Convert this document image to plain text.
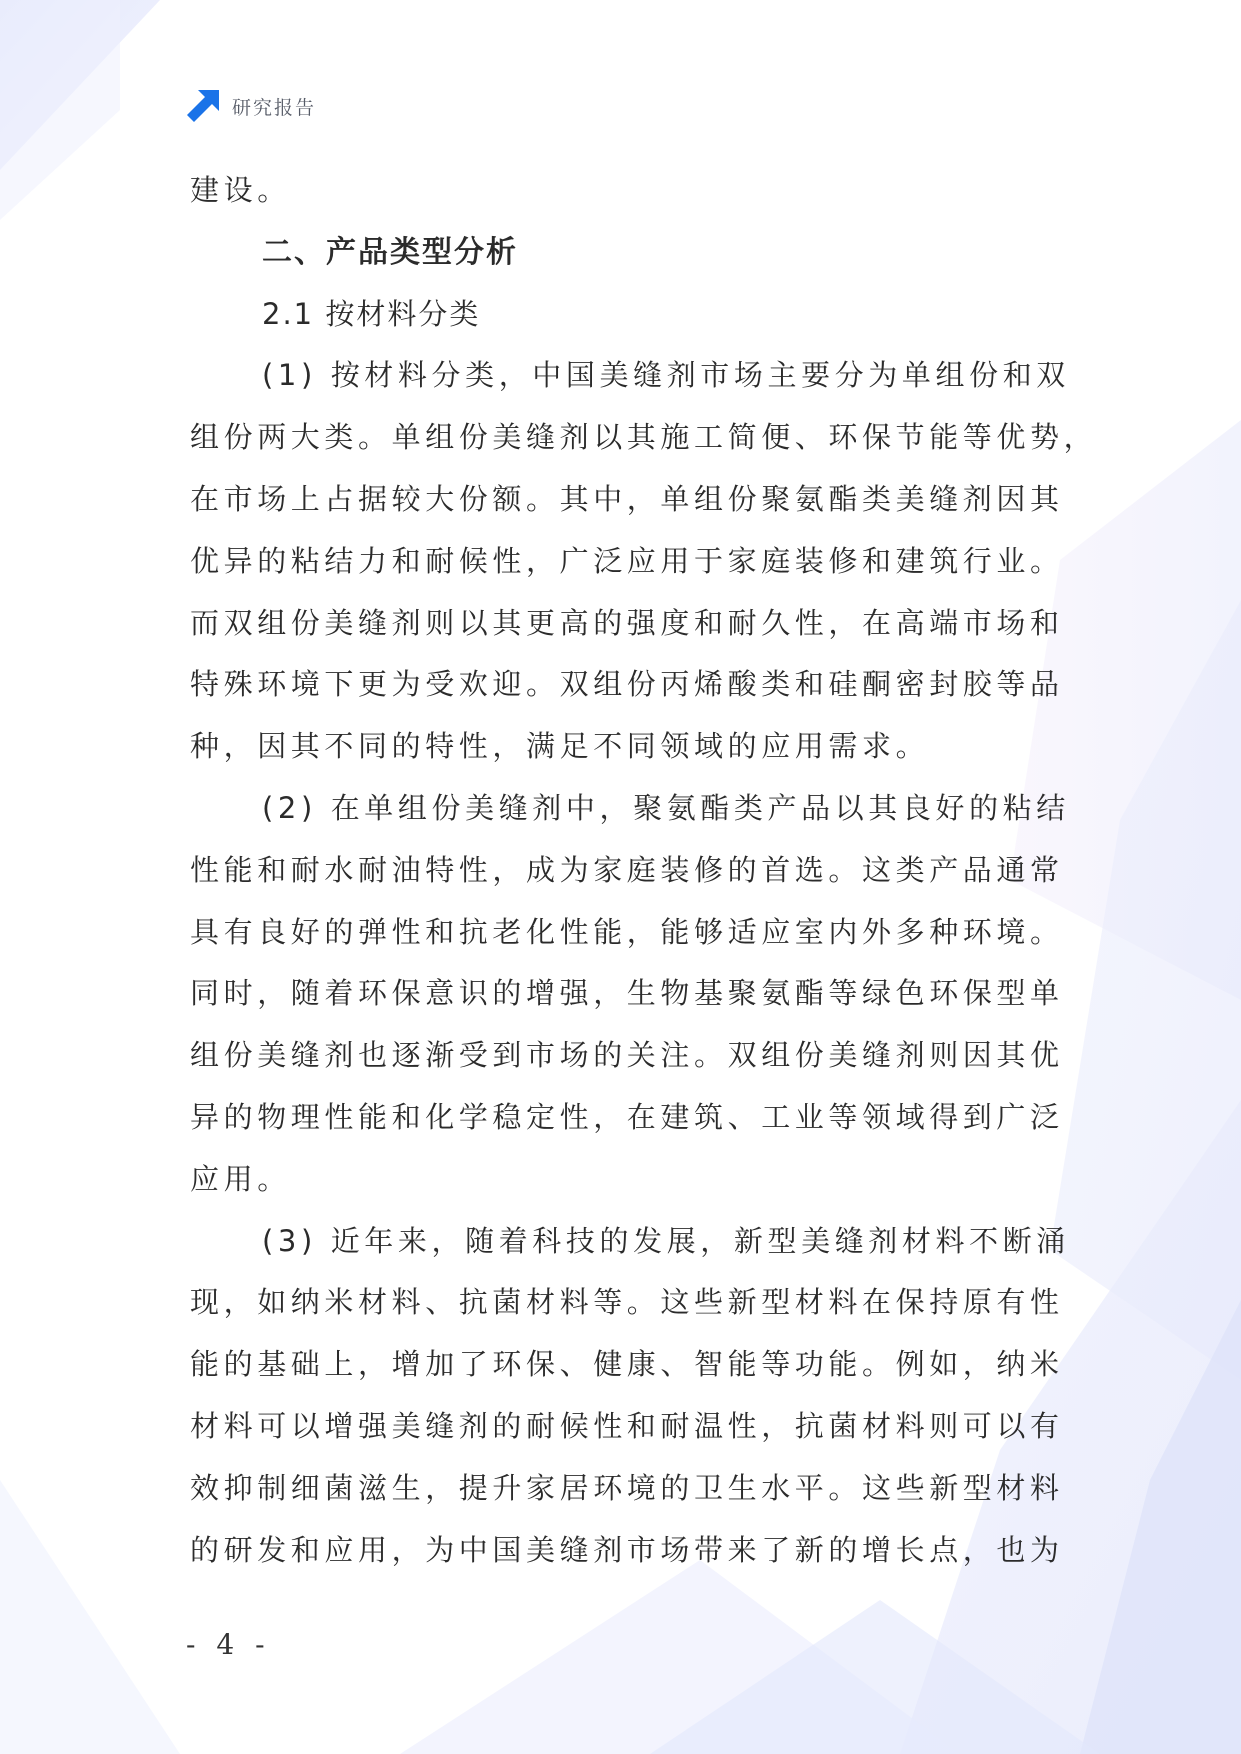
研究报告
建设。
二、产品类型分析
2.1 按材料分类
(1) 按材料分类，中国美缝剂市场主要分为单组份和双
组份两大类。单组份美缝剂以其施工简便、环保节能等优势，
在市场上占据较大份额。其中，单组份聚氨酯类美缝剂因其
优异的粘结力和耐候性，广泛应用于家庭装修和建筑行业。
而双组份美缝剂则以其更高的强度和耐久性，在高端市场和
特殊环境下更为受欢迎。双组份丙烯酸类和硅酮密封胶等品
种，因其不同的特性，满足不同领域的应用需求。
(2) 在单组份美缝剂中，聚氨酯类产品以其良好的粘结
性能和耐水耐油特性，成为家庭装修的首选。这类产品通常
具有良好的弹性和抗老化性能，能够适应室内外多种环境。
同时，随着环保意识的增强，生物基聚氨酯等绿色环保型单
组份美缝剂也逐渐受到市场的关注。双组份美缝剂则因其优
异的物理性能和化学稳定性，在建筑、工业等领域得到广泛
应用。
(3) 近年来，随着科技的发展，新型美缝剂材料不断涌
现，如纳米材料、抗菌材料等。这些新型材料在保持原有性
能的基础上，增加了环保、健康、智能等功能。例如，纳米
材料可以增强美缝剂的耐候性和耐温性，抗菌材料则可以有
效抑制细菌滋生，提升家居环境的卫生水平。这些新型材料
的研发和应用，为中国美缝剂市场带来了新的增长点，也为
- 4 -
